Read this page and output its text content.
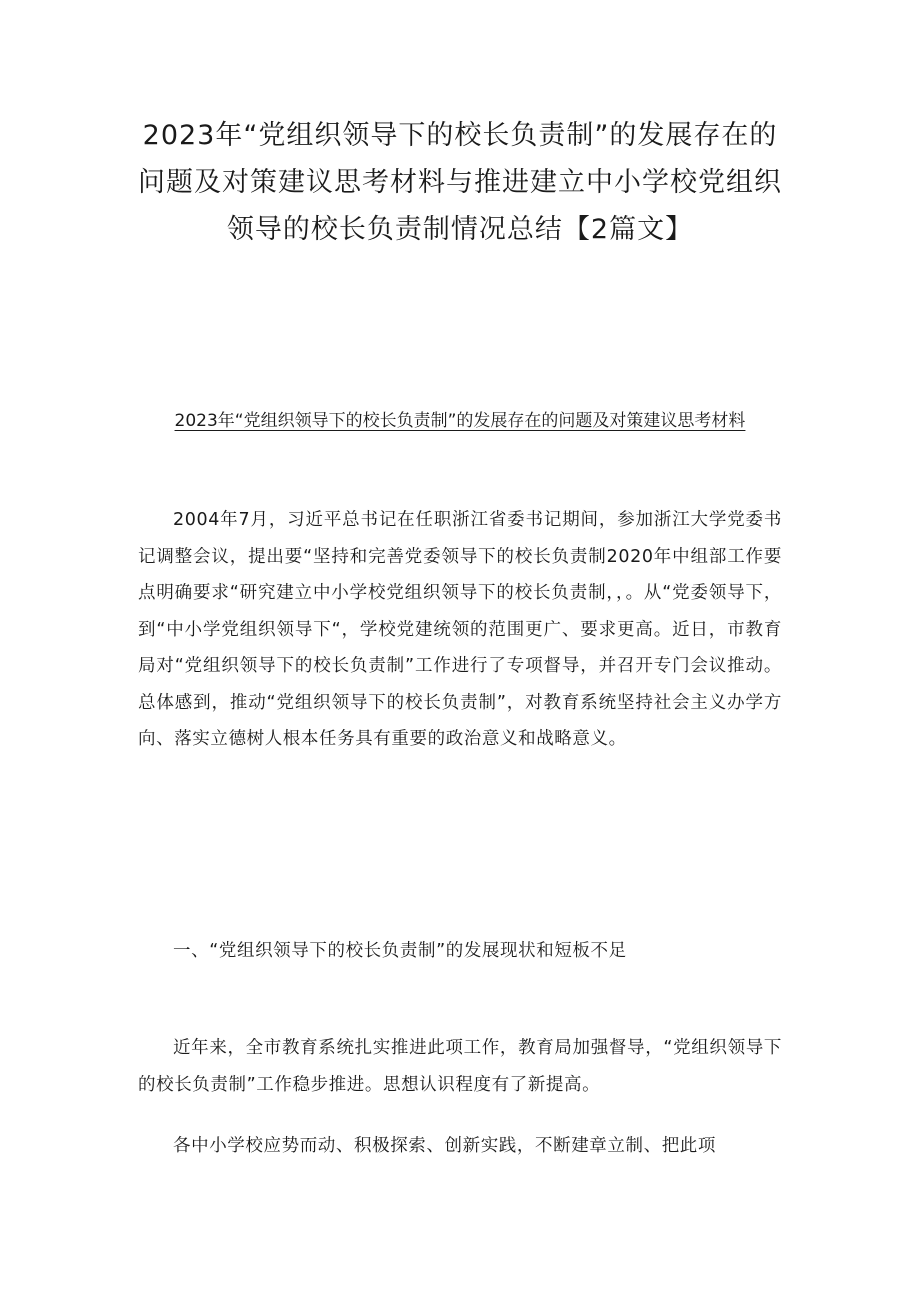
2023年“党组织领导下的校长负责制”的发展存在的问题及对策建议思考材料与推进建立中小学校党组织领导的校长负责制情况总结【2篇文】
2023年“党组织领导下的校长负责制”的发展存在的问题及对策建议思考材料

2004年7月，习近平总书记在任职浙江省委书记期间，参加浙江大学党委书记调整会议，提出要“坚持和完善党委领导下的校长负责制2020年中组部工作要点明确要求“研究建立中小学校党组织领导下的校长负责制，，。从“党委领导下，到“中小学党组织领导下“，学校党建统领的范围更广、要求更高。近日，市教育局对“党组织领导下的校长负责制”工作进行了专项督导，并召开专门会议推动。总体感到，推动“党组织领导下的校长负责制”，对教育系统坚持社会主义办学方向、落实立德树人根本任务具有重要的政治意义和战略意义。

一、“党组织领导下的校长负责制”的发展现状和短板不足

近年来，全市教育系统扎实推进此项工作，教育局加强督导，“党组织领导下的校长负责制”工作稳步推进。思想认识程度有了新提高。

各中小学校应势而动、积极探索、创新实践，不断建章立制、把此项
